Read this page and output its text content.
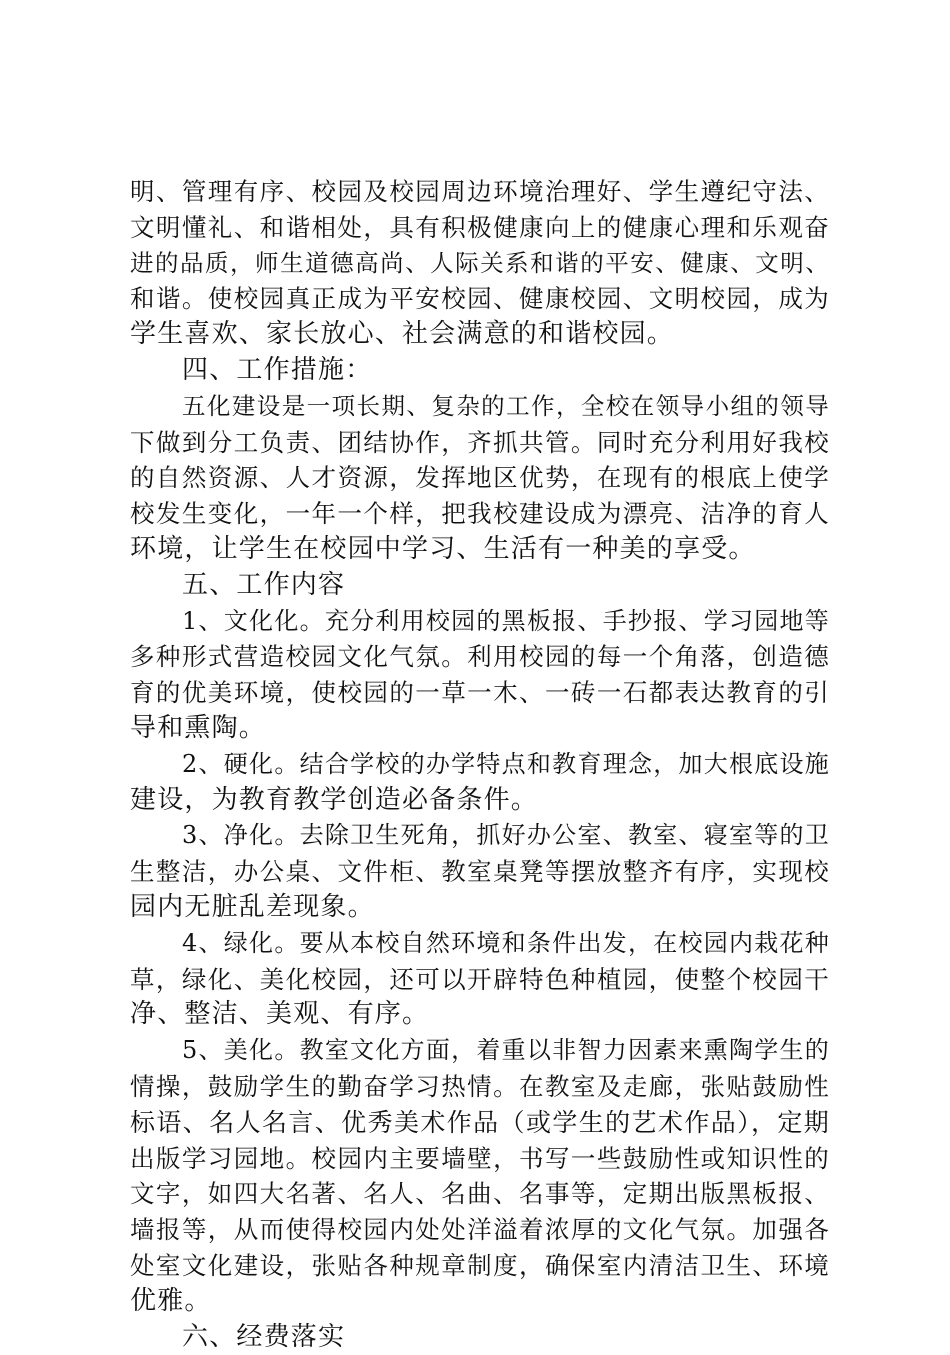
明、管理有序、校园及校园周边环境治理好、学生遵纪守法、
文明懂礼、和谐相处，具有积极健康向上的健康心理和乐观奋
进的品质，师生道德高尚、人际关系和谐的平安、健康、文明、
和谐。使校园真正成为平安校园、健康校园、文明校园，成为
学生喜欢、家长放心、社会满意的和谐校园。
四、工作措施：
五化建设是一项长期、复杂的工作，全校在领导小组的领导
下做到分工负责、团结协作，齐抓共管。同时充分利用好我校
的自然资源、人才资源，发挥地区优势，在现有的根底上使学
校发生变化，一年一个样，把我校建设成为漂亮、洁净的育人
环境，让学生在校园中学习、生活有一种美的享受。
五、工作内容
1、文化化。充分利用校园的黑板报、手抄报、学习园地等
多种形式营造校园文化气氛。利用校园的每一个角落，创造德
育的优美环境，使校园的一草一木、一砖一石都表达教育的引
导和熏陶。
2、硬化。结合学校的办学特点和教育理念，加大根底设施
建设，为教育教学创造必备条件。
3、净化。去除卫生死角，抓好办公室、教室、寝室等的卫
生整洁，办公桌、文件柜、教室桌凳等摆放整齐有序，实现校
园内无脏乱差现象。
4、绿化。要从本校自然环境和条件出发，在校园内栽花种
草，绿化、美化校园，还可以开辟特色种植园，使整个校园干
净、整洁、美观、有序。
5、美化。教室文化方面，着重以非智力因素来熏陶学生的
情操，鼓励学生的勤奋学习热情。在教室及走廊，张贴鼓励性
标语、名人名言、优秀美术作品（或学生的艺术作品），定期
出版学习园地。校园内主要墙壁，书写一些鼓励性或知识性的
文字，如四大名著、名人、名曲、名事等，定期出版黑板报、
墙报等，从而使得校园内处处洋溢着浓厚的文化气氛。加强各
处室文化建设，张贴各种规章制度，确保室内清洁卫生、环境
优雅。
六、经费落实
